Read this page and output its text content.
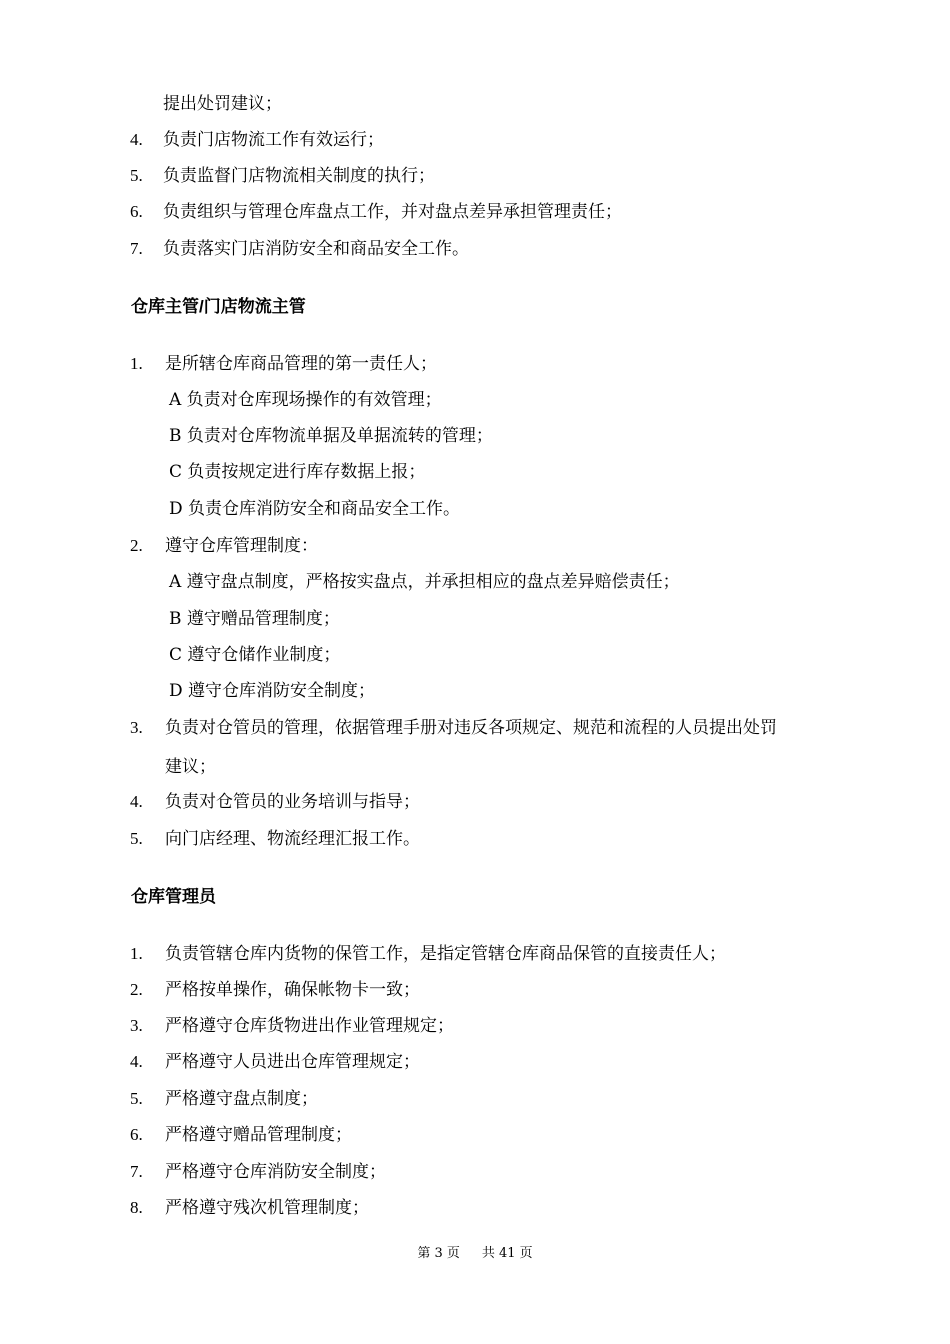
提出处罚建议；
4.	负责门店物流工作有效运行；
5.	负责监督门店物流相关制度的执行；
6.	负责组织与管理仓库盘点工作，并对盘点差异承担管理责任；
7.	负责落实门店消防安全和商品安全工作。
仓库主管/门店物流主管
1.	是所辖仓库商品管理的第一责任人；
A 负责对仓库现场操作的有效管理；
B 负责对仓库物流单据及单据流转的管理；
C 负责按规定进行库存数据上报；
D 负责仓库消防安全和商品安全工作。
2.	遵守仓库管理制度：
A 遵守盘点制度，严格按实盘点，并承担相应的盘点差异赔偿责任；
B 遵守赠品管理制度；
C 遵守仓储作业制度；
D 遵守仓库消防安全制度；
3.	负责对仓管员的管理，依据管理手册对违反各项规定、规范和流程的人员提出处罚
建议；
4.	负责对仓管员的业务培训与指导；
5.	向门店经理、物流经理汇报工作。
仓库管理员
1.	负责管辖仓库内货物的保管工作，是指定管辖仓库商品保管的直接责任人；
2.	严格按单操作，确保帐物卡一致；
3.	严格遵守仓库货物进出作业管理规定；
4.	严格遵守人员进出仓库管理规定；
5.	严格遵守盘点制度；
6.	严格遵守赠品管理制度；
7.	严格遵守仓库消防安全制度；
8.	严格遵守残次机管理制度；
第 3 页 共 41 页
